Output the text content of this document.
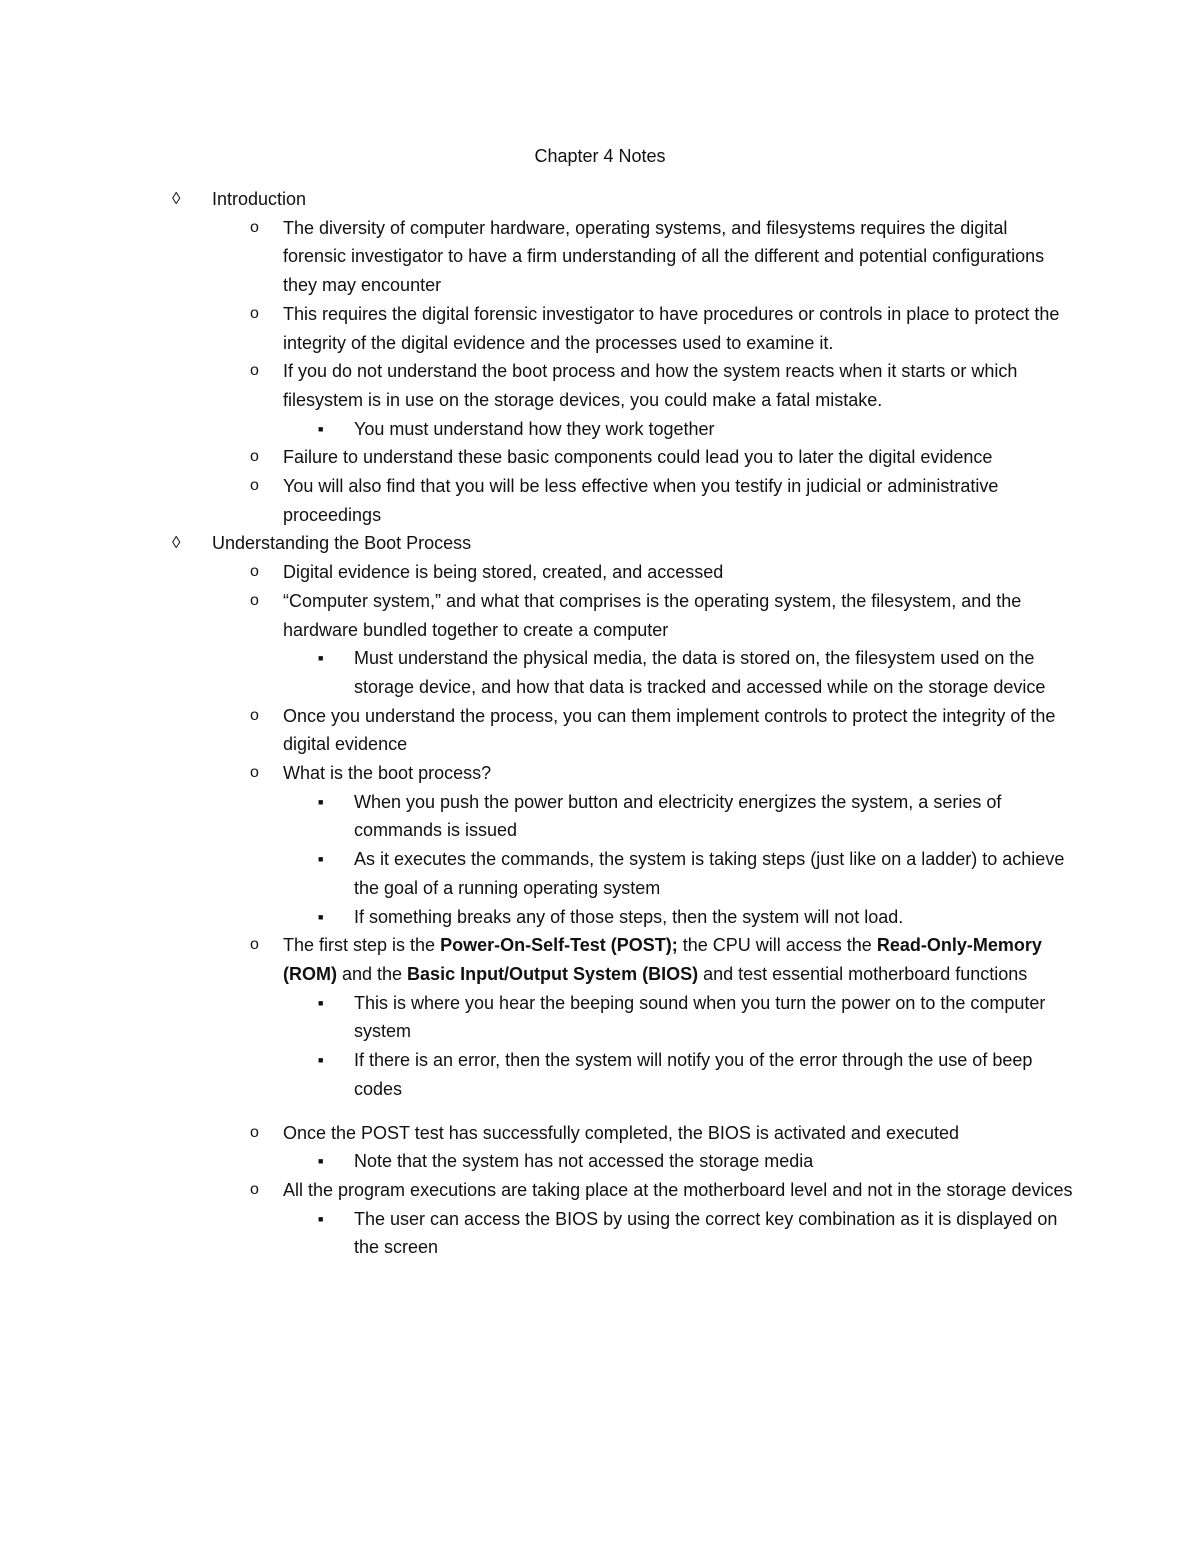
Chapter 4 Notes
◊ Introduction
o The diversity of computer hardware, operating systems, and filesystems requires the digital forensic investigator to have a firm understanding of all the different and potential configurations they may encounter
o This requires the digital forensic investigator to have procedures or controls in place to protect the integrity of the digital evidence and the processes used to examine it.
o If you do not understand the boot process and how the system reacts when it starts or which filesystem is in use on the storage devices, you could make a fatal mistake.
■ You must understand how they work together
o Failure to understand these basic components could lead you to later the digital evidence
o You will also find that you will be less effective when you testify in judicial or administrative proceedings
◊ Understanding the Boot Process
o Digital evidence is being stored, created, and accessed
o “Computer system,” and what that comprises is the operating system, the filesystem, and the hardware bundled together to create a computer
■ Must understand the physical media, the data is stored on, the filesystem used on the storage device, and how that data is tracked and accessed while on the storage device
o Once you understand the process, you can them implement controls to protect the integrity of the digital evidence
o What is the boot process?
■ When you push the power button and electricity energizes the system, a series of commands is issued
■ As it executes the commands, the system is taking steps (just like on a ladder) to achieve the goal of a running operating system
■ If something breaks any of those steps, then the system will not load.
o The first step is the Power-On-Self-Test (POST); the CPU will access the Read-Only-Memory (ROM) and the Basic Input/Output System (BIOS) and test essential motherboard functions
■ This is where you hear the beeping sound when you turn the power on to the computer system
■ If there is an error, then the system will notify you of the error through the use of beep codes
o Once the POST test has successfully completed, the BIOS is activated and executed
■ Note that the system has not accessed the storage media
o All the program executions are taking place at the motherboard level and not in the storage devices
■ The user can access the BIOS by using the correct key combination as it is displayed on the screen
